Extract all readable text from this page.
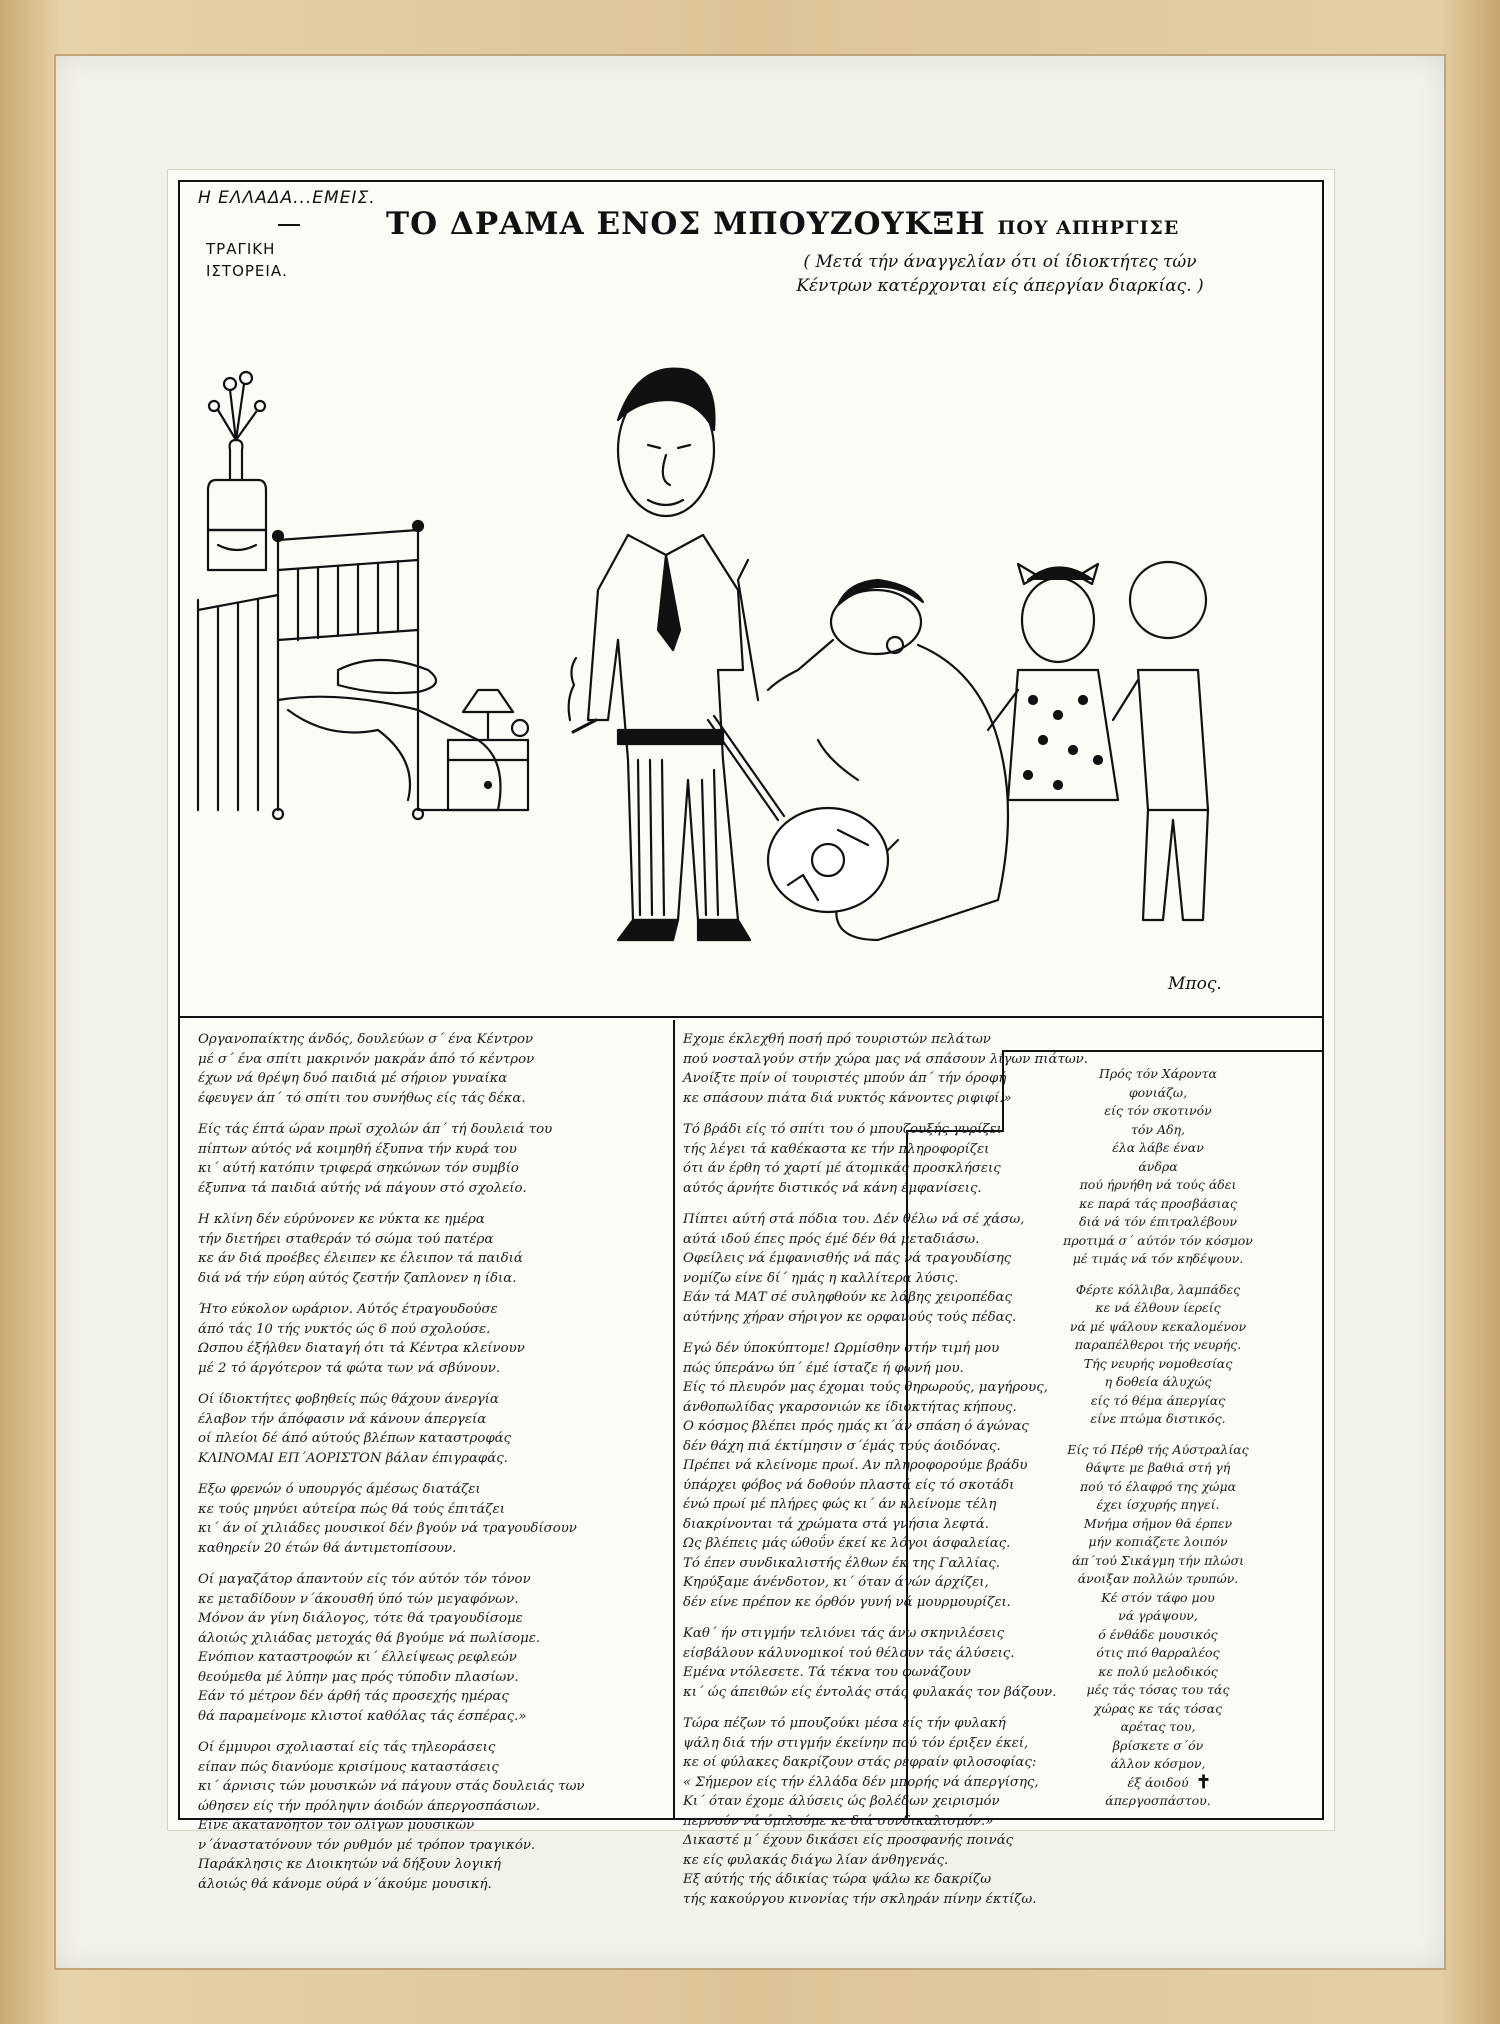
Η ΕΛΛΑΔΑ...ΕΜΕΙΣ.
ΤΡΑΓΙΚΗ ΙΣΤΟΡΕΙΑ.
ΤΟ ΔΡΑΜΑ ΕΝΟΣ ΜΠΟΥΖΟΥΚΞΗ ΠΟΥ ΑΠΗΡΓΙΣΕ
( Μετά τήν άναγγελίαν ότι οί ίδιοκτήτες τών Κέντρων κατέρχονται είς άπεργίαν διαρκίας. )
Μπος.

Οργανοπαίκτης άνδός, δουλεύων σ΄ ένα Κέντρον
μέ σ΄ ένα σπίτι μακρινόν μακράν άπό τό κέντρον
έχων νά θρέψη δυό παιδιά μέ σήριον γυναίκα
έφευγεν άπ΄ τό σπίτι του συνήθως είς τάς δέκα.

Είς τάς έπτά ώραν πρωϊ σχολών άπ΄ τή δουλειά του
πίπτων αύτός νά κοιμηθή έξυπνα τήν κυρά του
κι΄ αύτή κατόπιν τριφερά σηκώνων τόν συμβίο
έξυπνα τά παιδιά αύτής νά πάγουν στό σχολείο.

Η κλίνη δέν εύρύνονεν κε νύκτα κε ημέρα
τήν διετήρει σταθεράν τό σώμα τού πατέρα
κε άν διά προέβες έλειπεν κε έλειπον τά παιδιά
διά νά τήν εύρη αύτός ζεστήν ζαπλονεν η ίδια.

Ήτο εύκολον ωράριον. Αύτός έτραγουδούσε
άπό τάς 10 τής νυκτός ώς 6 πού σχολούσε.
Ωσπου έξήλθεν διαταγή ότι τά Κέντρα κλείνουν
μέ 2 τό άργότερον τά φώτα των νά σβύνουν.

Οί ίδιοκτήτες φοβηθείς πώς θάχουν άνεργία
έλαβον τήν άπόφασιν νά κάνουν άπεργεία
οί πλείοι δέ άπό αύτούς βλέπων καταστροφάς
ΚΛΙΝΟΜΑΙ ΕΠ΄ΑΟΡΙΣΤΟΝ βάλαν έπιγραφάς.

Εξω φρενών ό υπουργός άμέσως διατάζει
κε τούς μηνύει αύτείρα πώς θά τούς έπιτάζει
κι΄ άν οί χιλιάδες μουσικοί δέν βγούν νά τραγουδίσουν
καθηρείν 20 έτών θά άντιμετοπίσουν.

Οί μαγαζάτορ άπαντούν είς τόν αύτόν τόν τόνον
κε μεταδίδουν ν΄άκουσθή ύπό τών μεγαφόνων.
Μόνον άν γίνη διάλογος, τότε θά τραγουδίσομε
άλοιώς χιλιάδας μετοχάς θά βγούμε νά πωλίσομε.
Ενόπιον καταστροφών κι΄ έλλείψεως ρεφλεών
θεούμεθα μέ λύπην μας πρός τύποδιν πλασίων.
Εάν τό μέτρον δέν άρθή τάς προσεχής ημέρας
θά παραμείνομε κλιστοί καθόλας τάς έσπέρας.»

Οί έμμυροι σχολιασταί είς τάς τηλεοράσεις
είπαν πώς διανύομε κρισίμους καταστάσεις
κι΄ άρνισις τών μουσικών νά πάγουν στάς δουλειάς των
ώθησεν είς τήν πρόληψιν άοιδών άπεργοσπάσιων.
Είνε άκατανόητον τόν όλίγων μουσικών
ν΄άναστατόνουν τόν ρυθμόν μέ τρόπον τραγικόν.
Παράκλησις κε Διοικητών νά δήξουν λογική
άλοιώς θά κάνομε ούρά ν΄άκούμε μουσική.

Εχομε έκλεχθή ποσή πρό τουριστών πελάτων
πού νοσταλγούν στήν χώρα μας νά σπάσουν λίγων πιάτων.
Ανοίξτε πρίν οί τουριστές μπούν άπ΄ τήν όροφή
κε σπάσουν πιάτα διά νυκτός κάνοντες ριφιφί.»

Τό βράδι είς τό σπίτι του ό μπουζουξής γυρίζει
τής λέγει τά καθέκαστα κε τήν πληροφορίζει
ότι άν έρθη τό χαρτί μέ άτομικάς προσκλήσεις
αύτός άρνήτε διστικός νά κάνη έμφανίσεις.

Πίπτει αύτή στά πόδια του. Δέν θέλω νά σέ χάσω,
αύτά ιδού έπες πρός έμέ δέν θά μεταδιάσω.
Οφείλεις νά έμφανισθής νά πάς νά τραγουδίσης
νομίζω είνε δί΄ ημάς η καλλίτερα λύσις.
Εάν τά ΜΑΤ σέ συληφθούν κε λάβης χειροπέδας
αύτήνης χήραν σήριγον κε ορφανούς τούς πέδας.

Εγώ δέν ύποκύπτομε! Ωρμίσθην στήν τιμή μου
πώς ύπεράνω ύπ΄ έμέ ίσταζε ή φωνή μου.
Είς τό πλευρόν μας έχομαι τούς θηρωρούς, μαγήρους,
άνθοπωλίδας γκαρσονιών κε ίδιοκτήτας κήπους.
Ο κόσμος βλέπει πρός ημάς κι΄άν σπάση ό άγώνας
δέν θάχη πιά έκτίμησιν σ΄έμάς τούς άοιδόνας.
Πρέπει νά κλείνομε πρωί. Αν πληροφορούμε βράδυ
ύπάρχει φόβος νά δοθούν πλαστά είς τό σκοτάδι
ένώ πρωί μέ πλήρες φώς κι΄ άν κλείνομε τέλη
διακρίνονται τά χρώματα στά γνήσια λεφτά.
Ως βλέπεις μάς ώθοΰν έκεί κε λόγοι άσφαλείας.
Τό έπεν συνδικαλιστής έλθων έκ της Γαλλίας.
Κηρύξαμε άνένδοτον, κι΄ όταν άγών άρχίζει,
δέν είνε πρέπον κε όρθόν γυνή νά μουρμουρίζει.

Καθ΄ ήν στιγμήν τελιόνει τάς άνω σκηνιλέσεις
είσβάλουν κάλυνομικοί τού θέλουν τάς άλύσεις.
Εμένα ντόλεσετε. Τά τέκνα του φωνάζουν
κι΄ ώς άπειθών είς έντολάς στάς φυλακάς τον βάζουν.

Τώρα πέζων τό μπουζούκι μέσα είς τήν φυλακή
ψάλη διά τήν στιγμήν έκείνην πού τόν έριξεν έκεί,
κε οί φύλακες δακρίζουν στάς ρεφραίν φιλοσοφίας:
« Σήμερον είς τήν έλλάδα δέν μπορής νά άπεργίσης,
Κι΄ όταν έχομε άλύσεις ώς βολέδων χειρισμόν
περνούν νά όμιλούμε κε διά συνδικαλισμόν.»
Δικαστέ μ΄ έχουν δικάσει είς προσφανής ποινάς
κε είς φυλακάς διάγω λίαν άνθηγενάς.
Εξ αύτής τής άδικίας τώρα ψάλω κε δακρίζω
τής κακούργου κινονίας τήν σκληράν πίνην έκτίζω.

Πρός τόν Χάροντα
φονιάζω,
είς τόν σκοτινόν
τόν Αδη,
έλα λάβε έναν
άνδρα
πού ήρνήθη νά τούς άδει
κε παρά τάς προσβάσιας
διά νά τόν έπιτραλέβουν
προτιμά σ΄ αύτόν τόν κόσμον
μέ τιμάς νά τόν κηδέψουν.

Φέρτε κόλλιβα, λαμπάδες
κε νά έλθουν ίερείς
νά μέ ψάλουν κεκαλομένον
παραπέλθεροι τής νευρής.
Τής νευρής νομοθεσίας
η δοθεία άλυχώς
είς τό θέμα άπεργίας
είνε πτώμα διστικός.

Είς τό Πέρθ τής Αύστραλίας
θάψτε με βαθιά στή γή
πού τό έλαφρό της χώμα
έχει ίσχυρής πηγεί.
Μνήμα σήμον θά έρπεν
μήν κοπιάζετε λοιπόν
άπ΄τού Σικάγμη τήν πλώσι
άνοιξαν πολλών τρυπών.
Κέ στόν τάφο μου
νά γράψουν,
ό ένθάδε μουσικός
ότις πιό θαρραλέος
κε πολύ μελοδικός
μές τάς τόσας του τάς
χώρας κε τάς τόσας
αρέτας του,
βρίσκετε σ΄όν
άλλον κόσμον,
έξ άοιδού
άπεργοσπάστου.

✝
